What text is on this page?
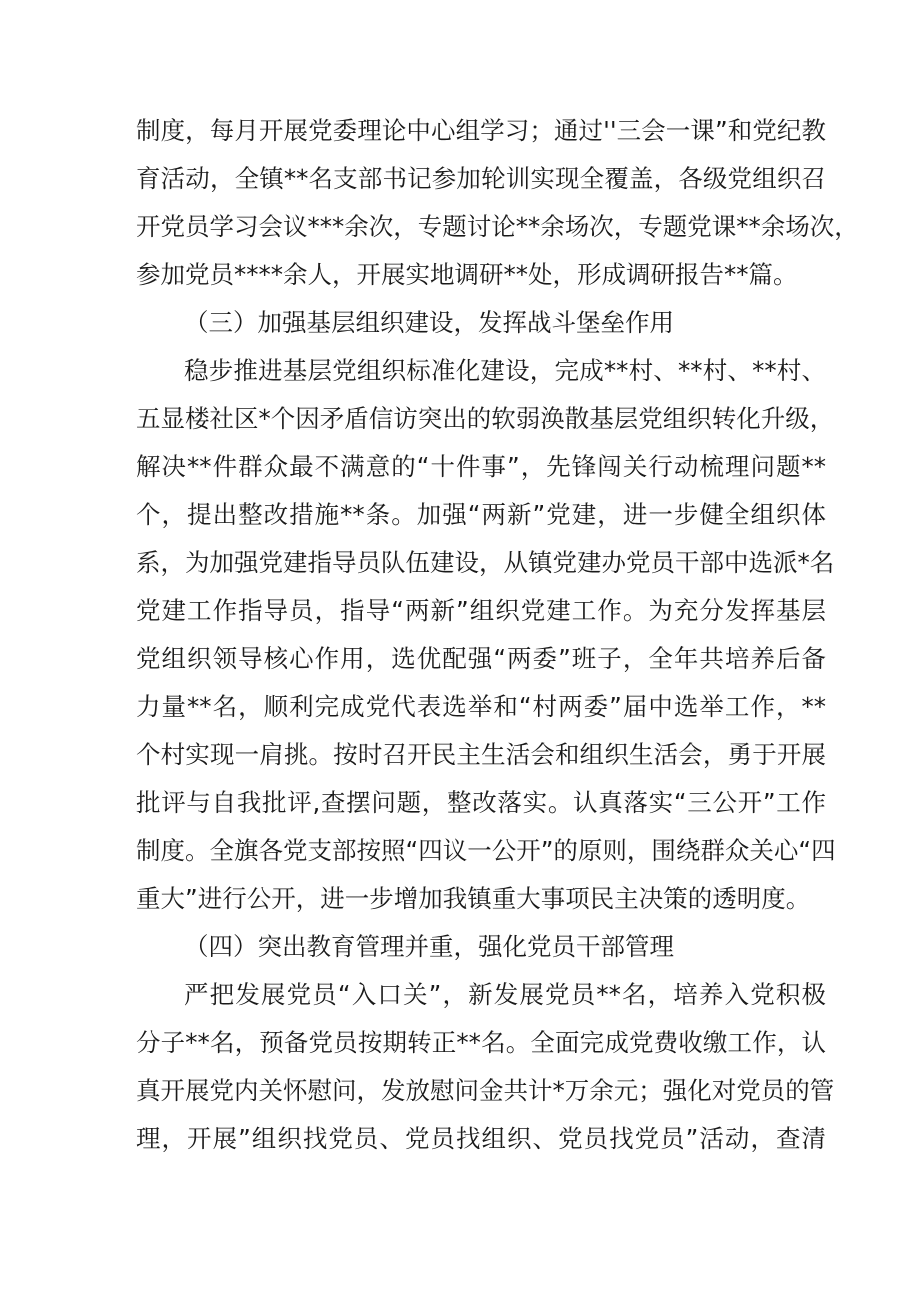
制度，每月开展党委理论中心组学习；通过''三会一课”和党纪教
育活动，全镇**名支部书记参加轮训实现全覆盖，各级党组织召
开党员学习会议***余次，专题讨论**余场次，专题党课**余场次，
参加党员****余人，开展实地调研**处，形成调研报告**篇。
（三）加强基层组织建设，发挥战斗堡垒作用
稳步推进基层党组织标准化建设，完成**村、**村、**村、
五显楼社区*个因矛盾信访突出的软弱涣散基层党组织转化升级，
解决**件群众最不满意的“十件事”，先锋闯关行动梳理问题**
个，提出整改措施**条。加强“两新”党建，进一步健全组织体
系，为加强党建指导员队伍建设，从镇党建办党员干部中选派*名
党建工作指导员，指导“两新”组织党建工作。为充分发挥基层
党组织领导核心作用，选优配强“两委”班子，全年共培养后备
力量**名，顺利完成党代表选举和“村两委”届中选举工作，**
个村实现一肩挑。按时召开民主生活会和组织生活会，勇于开展
批评与自我批评,查摆问题，整改落实。认真落实“三公开”工作
制度。全旗各党支部按照“四议一公开”的原则，围绕群众关心“四
重大”进行公开，进一步增加我镇重大事项民主决策的透明度。
（四）突出教育管理并重，强化党员干部管理
严把发展党员“入口关”，新发展党员**名，培养入党积极
分子**名，预备党员按期转正**名。全面完成党费收缴工作，认
真开展党内关怀慰问，发放慰问金共计*万余元；强化对党员的管
理，开展”组织找党员、党员找组织、党员找党员”活动，查清
